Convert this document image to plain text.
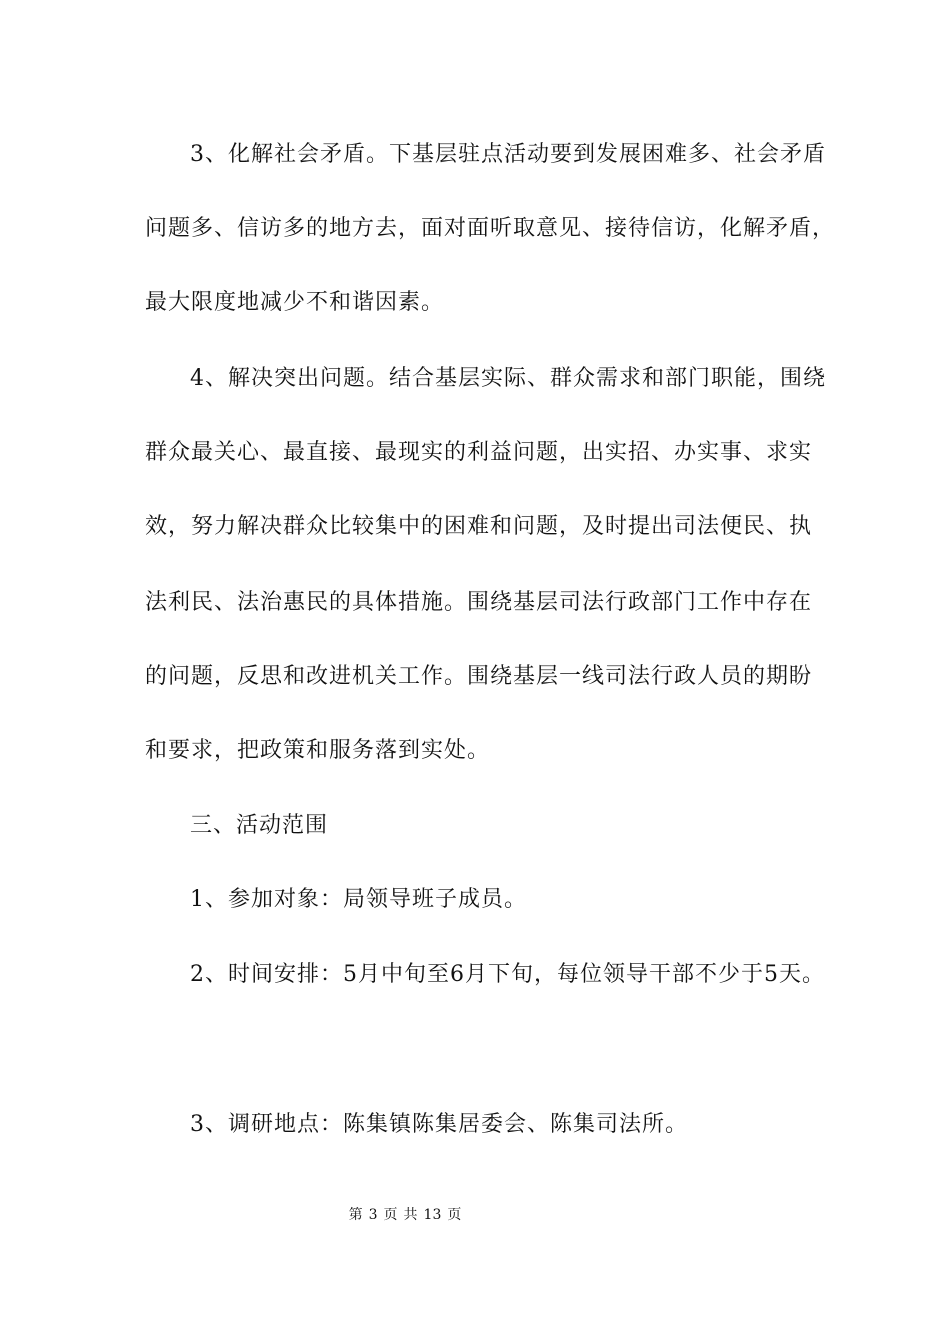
3、化解社会矛盾。下基层驻点活动要到发展困难多、社会矛盾
问题多、信访多的地方去，面对面听取意见、接待信访，化解矛盾，
最大限度地减少不和谐因素。
4、解决突出问题。结合基层实际、群众需求和部门职能，围绕
群众最关心、最直接、最现实的利益问题，出实招、办实事、求实
效，努力解决群众比较集中的困难和问题，及时提出司法便民、执
法利民、法治惠民的具体措施。围绕基层司法行政部门工作中存在
的问题，反思和改进机关工作。围绕基层一线司法行政人员的期盼
和要求，把政策和服务落到实处。
三、活动范围
1、参加对象：局领导班子成员。
2、时间安排：5月中旬至6月下旬，每位领导干部不少于5天。
3、调研地点：陈集镇陈集居委会、陈集司法所。
第 3 页 共 13 页
